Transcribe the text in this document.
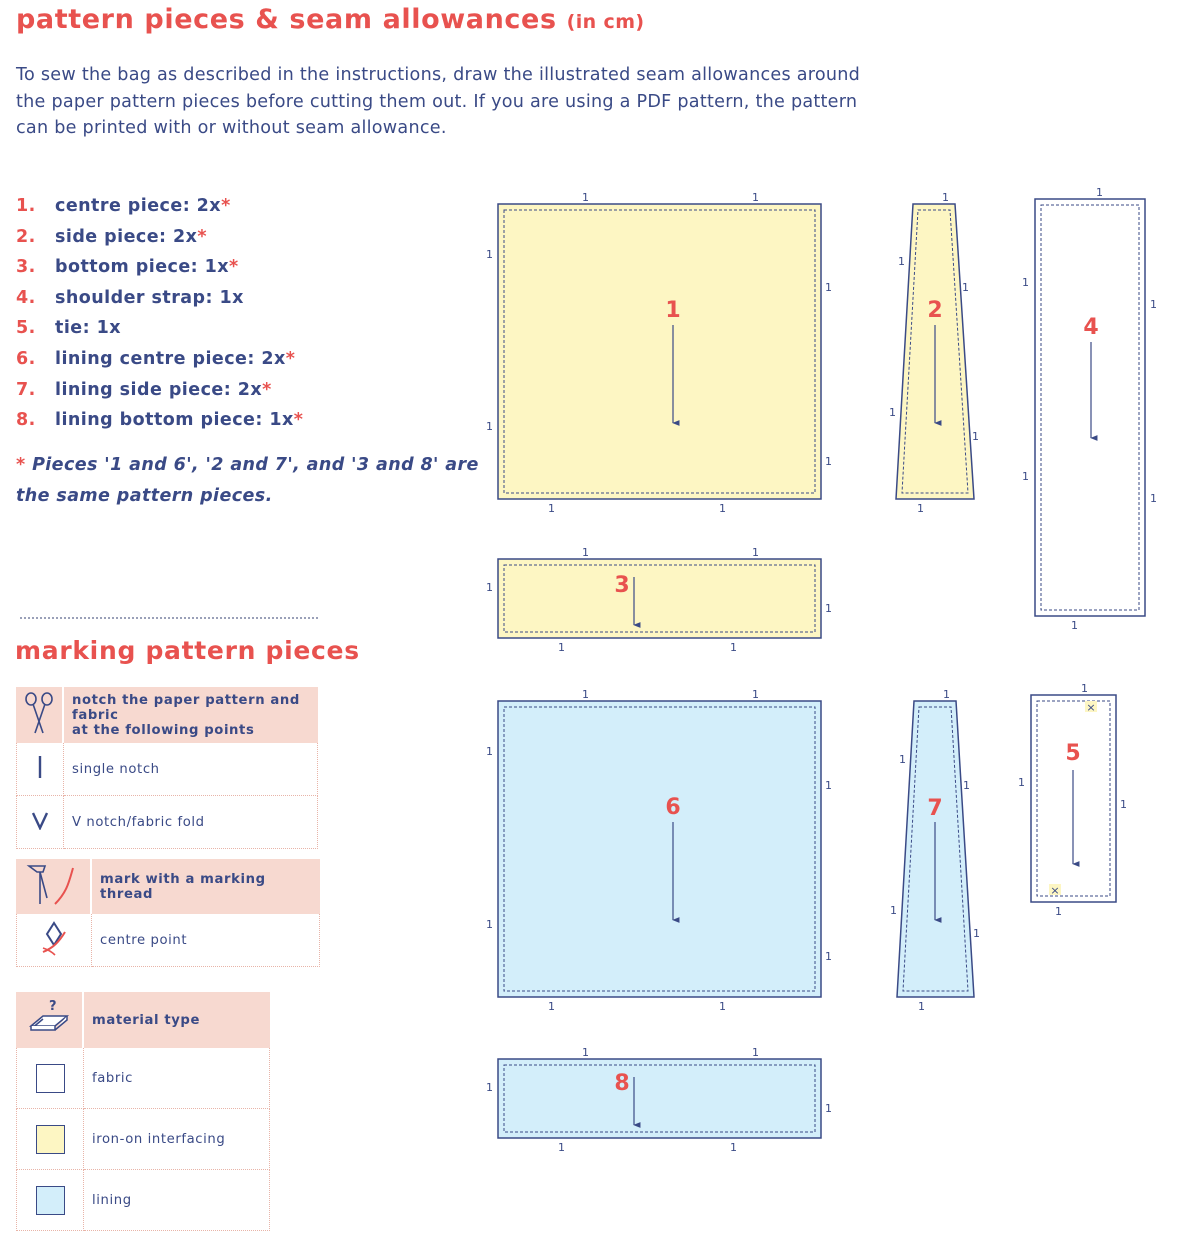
pattern pieces & seam allowances (in cm)

To sew the bag as described in the instructions, draw the illustrated seam allowances around
the paper pattern pieces before cutting them out. If you are using a PDF pattern, the pattern
can be printed with or without seam allowance.

1. centre piece: 2x*
2. side piece: 2x*
3. bottom piece: 1x*
4. shoulder strap: 1x
5. tie: 1x
6. lining centre piece: 2x*
7. lining side piece: 2x*
8. lining bottom piece: 1x*

* Pieces '1 and 6', '2 and 7', and '3 and 8' are the same pattern pieces.

marking pattern pieces
	notch the paper pattern and fabric
at the following points
	single notch
	V notch/fabric fold
	mark with a marking thread
	centre point
?	material type
	fabric
	iron-on interfacing
	lining
1	2
4
3
6	7
5
×
×
8
1	1
1	1
1
1
1
1
1
1
1
1
1
1
1
1
1
1
1
1
1	1
1	1
1
1
1	1
1	1
1
1
1
1
1
1
1
1
1
1
1
1
1
1
1	1
1	1
1
1
